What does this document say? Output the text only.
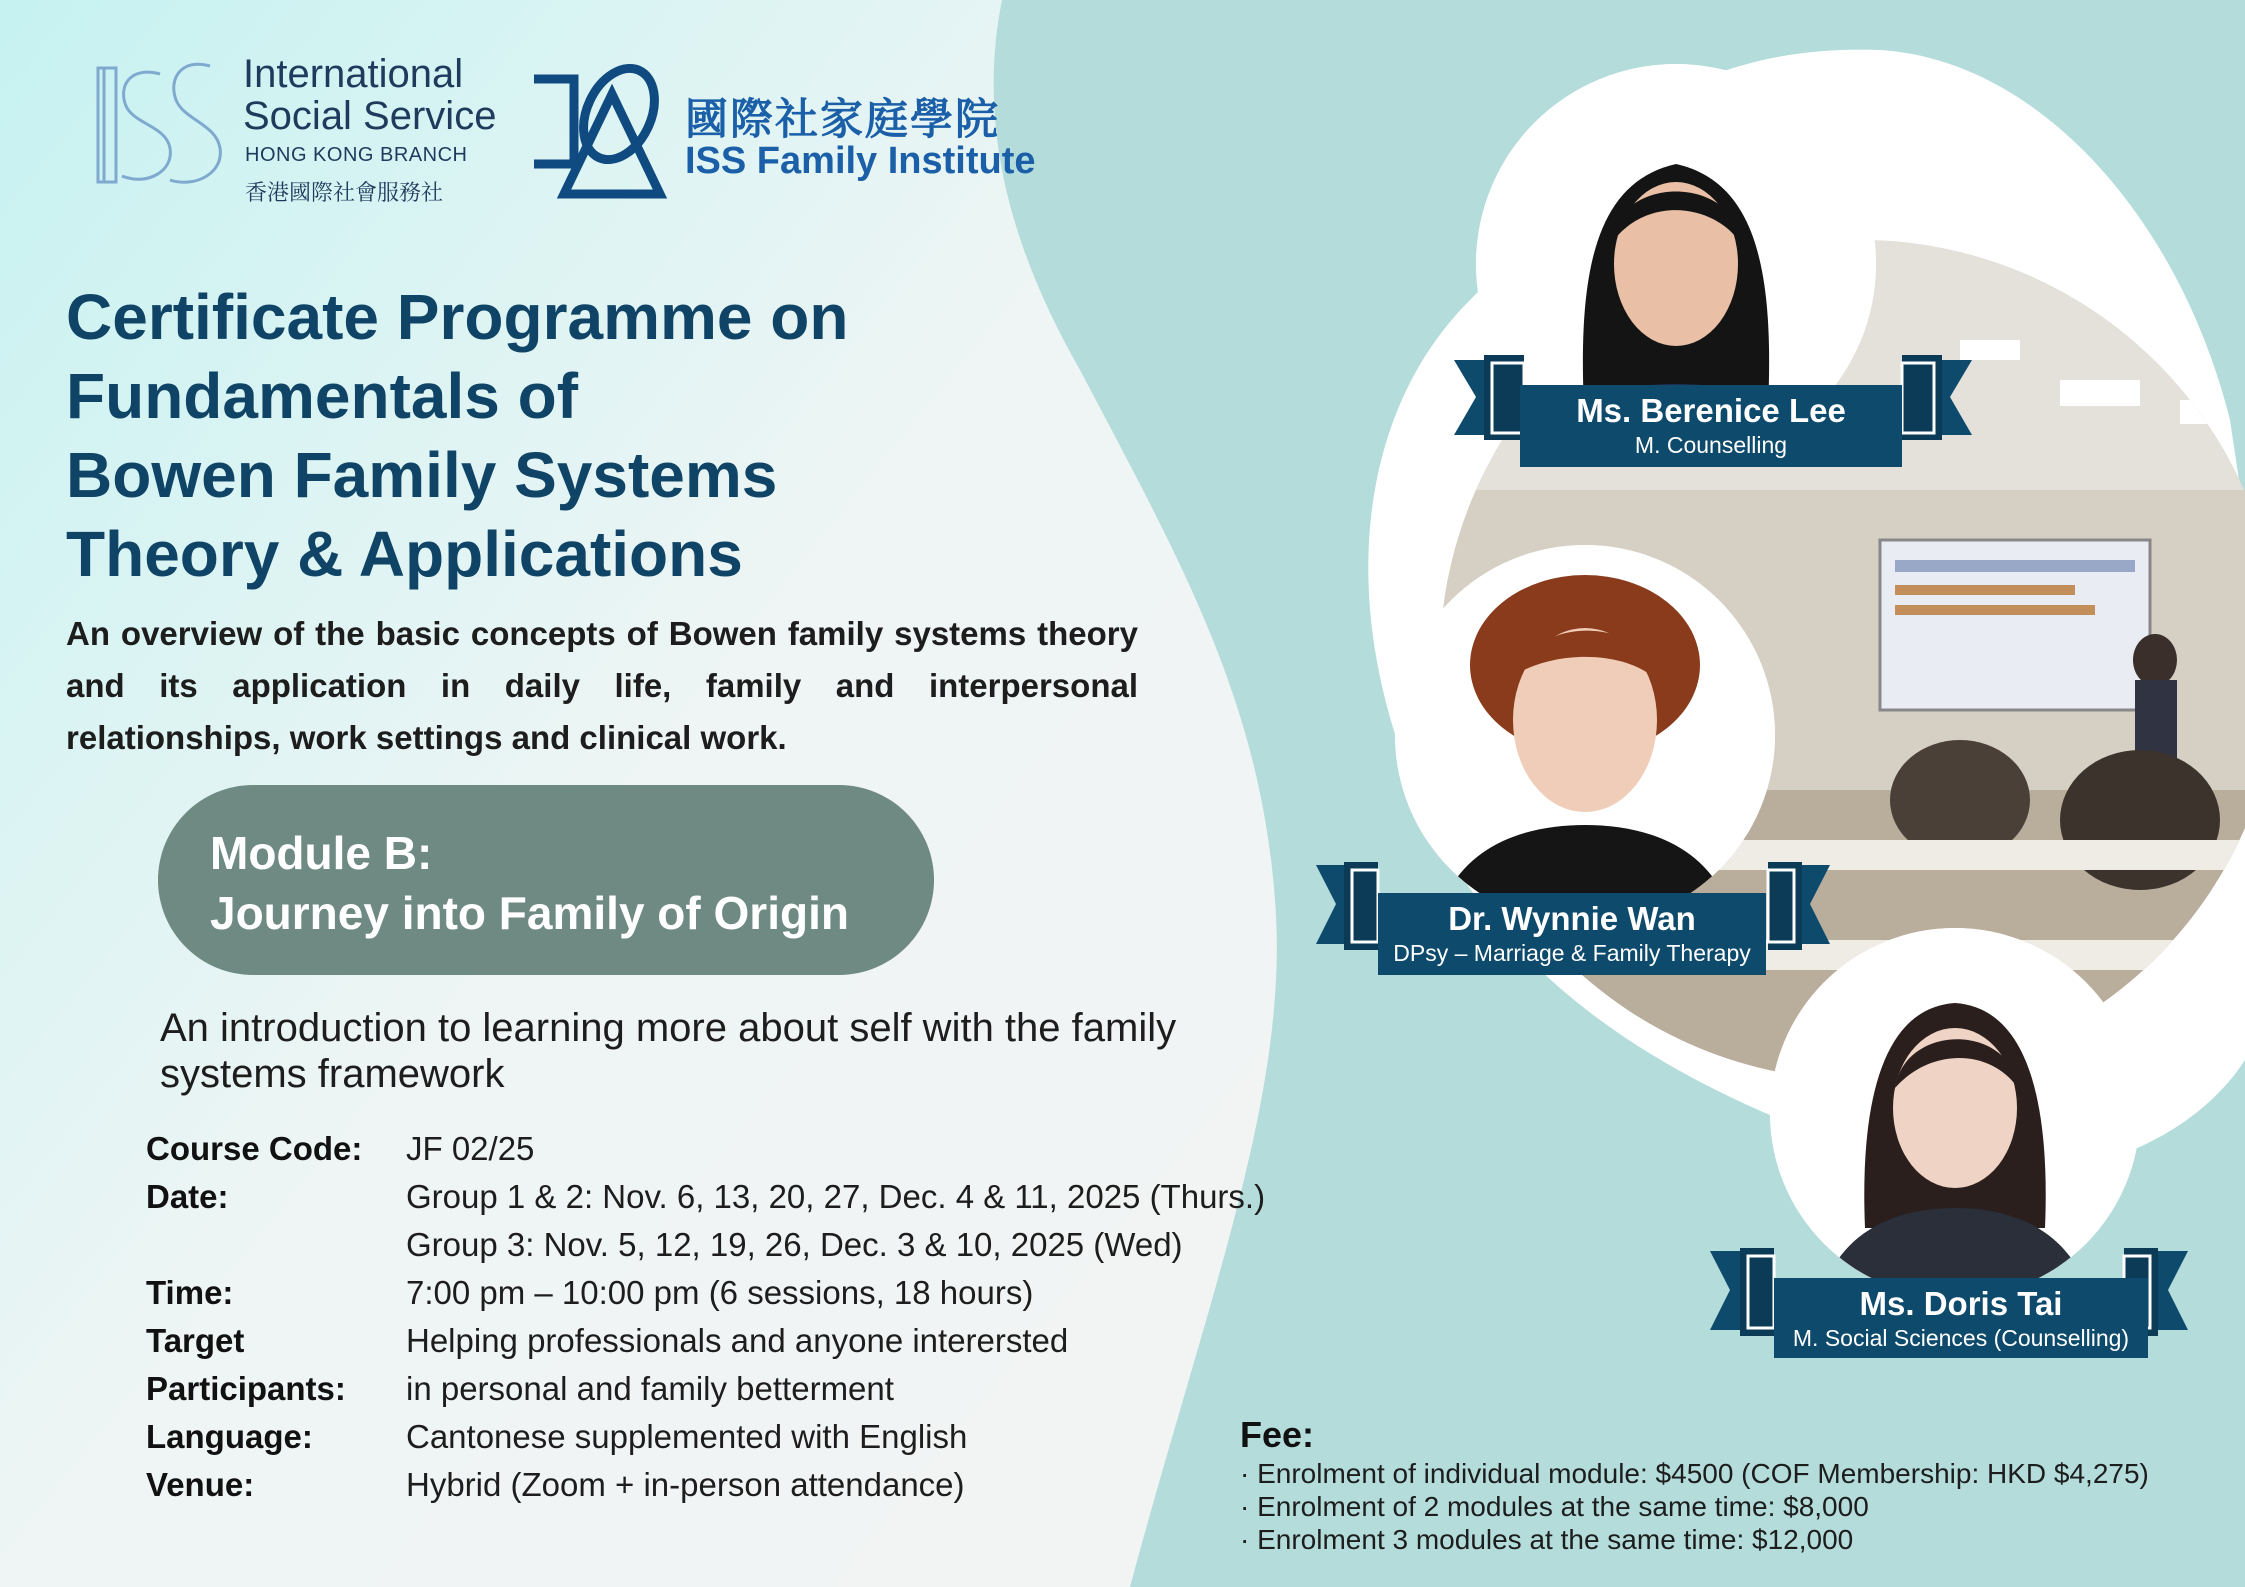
International
Social Service
HONG KONG BRANCH
香港國際社會服務社
國際社家庭學院
ISS Family Institute
Certificate Programme on
Fundamentals of
Bowen Family Systems
Theory & Applications
An overview of the basic concepts of Bowen family systems theory and its application in daily life, family and interpersonal relationships, work settings and clinical work.
Module B:
Journey into Family of Origin
An introduction to learning more about self with the family systems framework
Course Code: JF 02/25
Date:	Group 1 & 2: Nov. 6, 13, 20, 27, Dec. 4 & 11, 2025 (Thurs.)
Group 3: Nov. 5, 12, 19, 26, Dec. 3 & 10, 2025 (Wed)
Time:	7:00 pm – 10:00 pm (6 sessions, 18 hours)
Target	Helping professionals and anyone interersted
Participants: in personal and family betterment
Language:	Cantonese supplemented with English
Venue:	Hybrid (Zoom + in-person attendance)
Ms. Berenice Lee
M. Counselling
Dr. Wynnie Wan
DPsy – Marriage & Family Therapy
Ms. Doris Tai
M. Social Sciences (Counselling)
Fee:
· Enrolment of individual module: $4500 (COF Membership: HKD $4,275)
· Enrolment of 2 modules at the same time: $8,000
· Enrolment 3 modules at the same time: $12,000
